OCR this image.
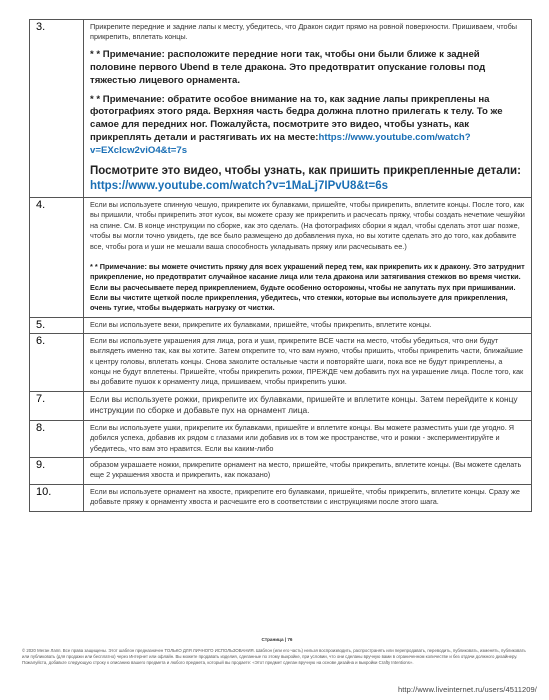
3.	Прикрепите передние и задние лапы к месту, убедитесь, что Дракон сидит прямо на ровной поверхности. Пришиваем, чтобы прикрепить, вплетать концы.

* * Примечание: расположите передние ноги так, чтобы они были ближе к задней половине первого Ubend в теле дракона. Это предотвратит опускание головы под тяжестью лицевого орнамента.

* * Примечание: обратите особое внимание на то, как задние лапы прикреплены на фотографиях этого ряда. Верхняя часть бедра должна плотно прилегать к телу. То же самое для передних ног. Пожалуйста, посмотрите это видео, чтобы узнать, как прикреплять детали и растягивать их на месте:https://www.youtube.com/watch?v=EXcIcw2viO4&t=7s

Посмотрите это видео, чтобы узнать, как пришить прикрепленные детали: https://www.youtube.com/watch?v=1MaLj7IPvU8&t=6s

4.	Если вы используете спинную чешую, прикрепите их булавками, пришейте, чтобы прикрепить, вплетите концы. После того, как вы пришили, чтобы прикрепить этот кусок, вы можете сразу же прикрепить и расчесать пряжу, чтобы создать нечеткие чешуйки на спине. См. В конце инструкции по сборке, как это сделать. (На фотографиях сборки я ждал, чтобы сделать этот шаг позже, чтобы вы могли точно увидеть, где все было размещено до добавления пуха, но вы хотите сделать это до того, как добавите все, чтобы рога и уши не мешали ваша способность укладывать пряжу или расчесывать ее.)

* * Примечание: вы можете очистить пряжу для всех украшений перед тем, как прикрепить их к дракону. Это затруднит прикрепление, но предотвратит случайное касание лица или тела дракона или затягивания стежков во время чистки. Если вы расчесываете перед прикреплением, будьте особенно осторожны, чтобы не запутать пух при пришивании. Если вы чистите щеткой после прикрепления, убедитесь, что стежки, которые вы используете для прикрепления, очень тугие, чтобы выдержать нагрузку от чистки.

5.	Если вы используете веки, прикрепите их булавками, пришейте, чтобы прикрепить, вплетите концы.

6.	Если вы используете украшения для лица, рога и уши, прикрепите ВСЕ части на место, чтобы убедиться, что они будут выглядеть именно так, как вы хотите. Затем открепите то, что вам нужно, чтобы пришить, чтобы прикрепить части, ближайшие к центру головы, вплетать концы. Снова заколите остальные части и повторяйте шаги, пока все не будут прикреплены, а концы не будут вплетены. Пришейте, чтобы прикрепить рожки, ПРЕЖДЕ чем добавить пух на украшение лица. После того, как вы добавите пушок к орнаменту лица, пришиваем, чтобы прикрепить ушки.

7.	Если вы используете рожки, прикрепите их булавками, пришейте и вплетите концы. Затем перейдите к концу инструкции по сборке и добавьте пух на орнамент лица.

8.	Если вы используете ушки, прикрепите их булавками, пришейте и вплетите концы. Вы можете разместить уши где угодно. Я добился успеха, добавив их рядом с глазами или добавив их в том же пространстве, что и рожки - экспериментируйте и убедитесь, что вам это нравится. Если вы каким-либо

9.	образом украшаете ножки, прикрепите орнамент на место, пришейте, чтобы прикрепить, вплетите концы. (Вы можете сделать еще 2 украшения хвоста и прикрепить, как показано)

10.	Если вы используете орнамент на хвосте, прикрепите его булавками, пришейте, чтобы прикрепить, вплетите концы. Сразу же добавьте пряжу к орнаменту хвоста и расчешите его в соответствии с инструкциями после этого шага.

Страница | 76
© 2020 Меган Лапп. Все права защищены. Этот шаблон предназначен ТОЛЬКО ДЛЯ ЛИЧНОГО ИСПОЛЬЗОВАНИЯ. Шаблон (или его часть) нельзя воспроизводить, распространять или перепродавать, переводить, публиковать, изменять, публиковать или публиковать (для продажи или бесплатно) через Интернет или офлайн. Вы можете продавать изделия, сделанные по этому выкройке, при условии, что они сделаны вручную вами в ограниченном количестве и без отдачи должного дизайнеру. Пожалуйста, добавьте следующую строку к описанию вашего предмета и любого предмета, который вы продаете: «Этот предмет сделан вручную на основе дизайна и выкройки Crafty Intentions».
http://www.liveinternet.ru/users/4511209/
